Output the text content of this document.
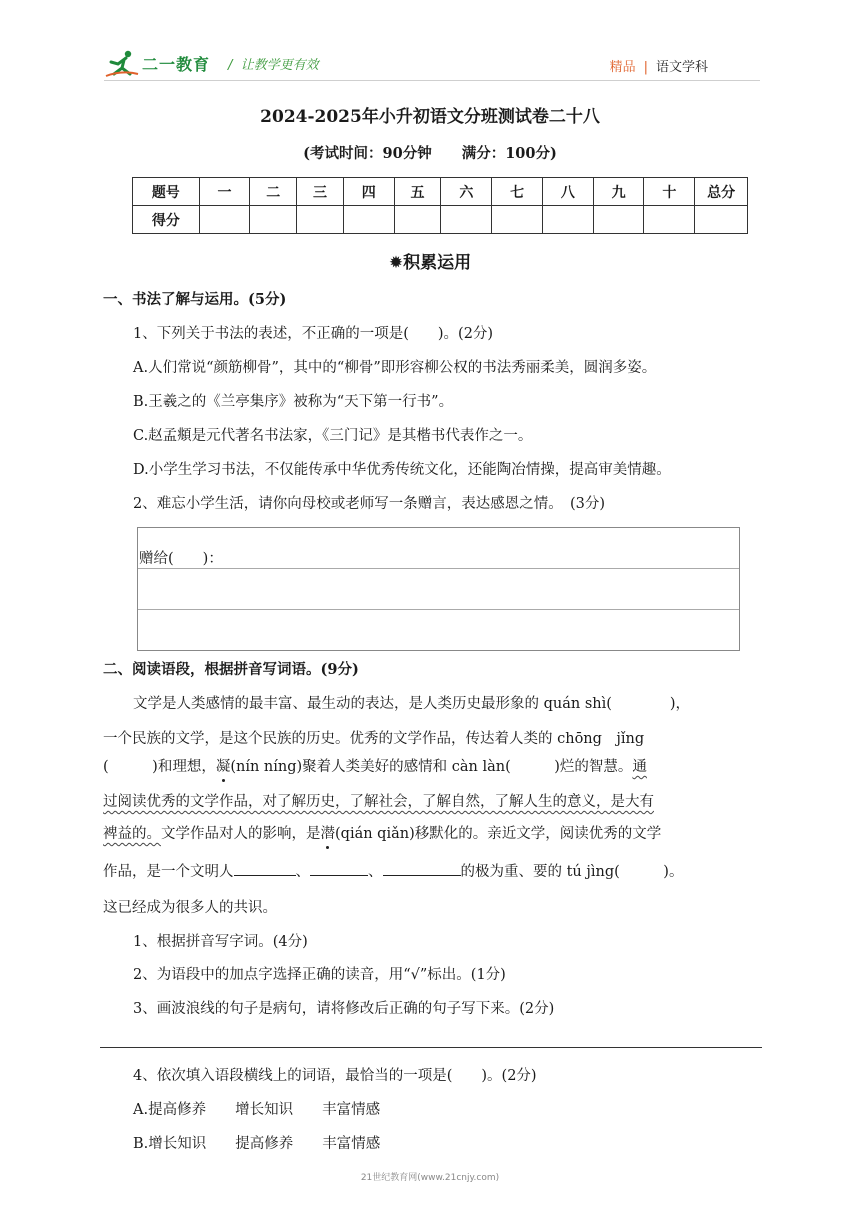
二一教育 / 让教学更有效	精品 | 语文学科
2024-2025年小升初语文分班测试卷二十八
(考试时间：90分钟 满分：100分)
题号	一	二	三	四	五	六	七	八	九	十	总分
得分											
✹积累运用
一、书法了解与运用。(5分)
1、下列关于书法的表述，不正确的一项是(　　)。(2分)
A.人们常说“颜筋柳骨”，其中的“柳骨”即形容柳公权的书法秀丽柔美，圆润多姿。
B.王羲之的《兰亭集序》被称为“天下第一行书”。
C.赵孟頫是元代著名书法家，《三门记》是其楷书代表作之一。
D.小学生学习书法，不仅能传承中华优秀传统文化，还能陶冶情操，提高审美情趣。
2、难忘小学生活，请你向母校或老师写一条赠言，表达感恩之情。　(3分)
赠给(　　)：
二、阅读语段，根据拼音写词语。(9分)
文学是人类感情的最丰富、最生动的表达，是人类历史最形象的 quán shì(　　　　)，
一个民族的文学，是这个民族的历史。优秀的文学作品，传达着人类的 chōng　jǐng
(　　　)和理想，凝(nín níng)聚着人类美好的感情和 càn làn(　　　)烂的智慧。通
过阅读优秀的文学作品，对了解历史，了解社会，了解自然，了解人生的意义，是大有
裨益的。文学作品对人的影响，是潜(qián qiǎn)移默化的。亲近文学，阅读优秀的文学
作品，是一个文明人	、	、	的极为重、要的 tú jìng(　　　)。
这已经成为很多人的共识。
1、根据拼音写字词。(4分)
2、为语段中的加点字选择正确的读音，用“√”标出。(1分)
3、画波浪线的句子是病句，请将修改后正确的句子写下来。(2分)
4、依次填入语段横线上的词语，最恰当的一项是(　　)。(2分)
A.提高修养　　增长知识　　丰富情感
B.增长知识　　提高修养　　丰富情感
21世纪教育网(www.21cnjy.com)
